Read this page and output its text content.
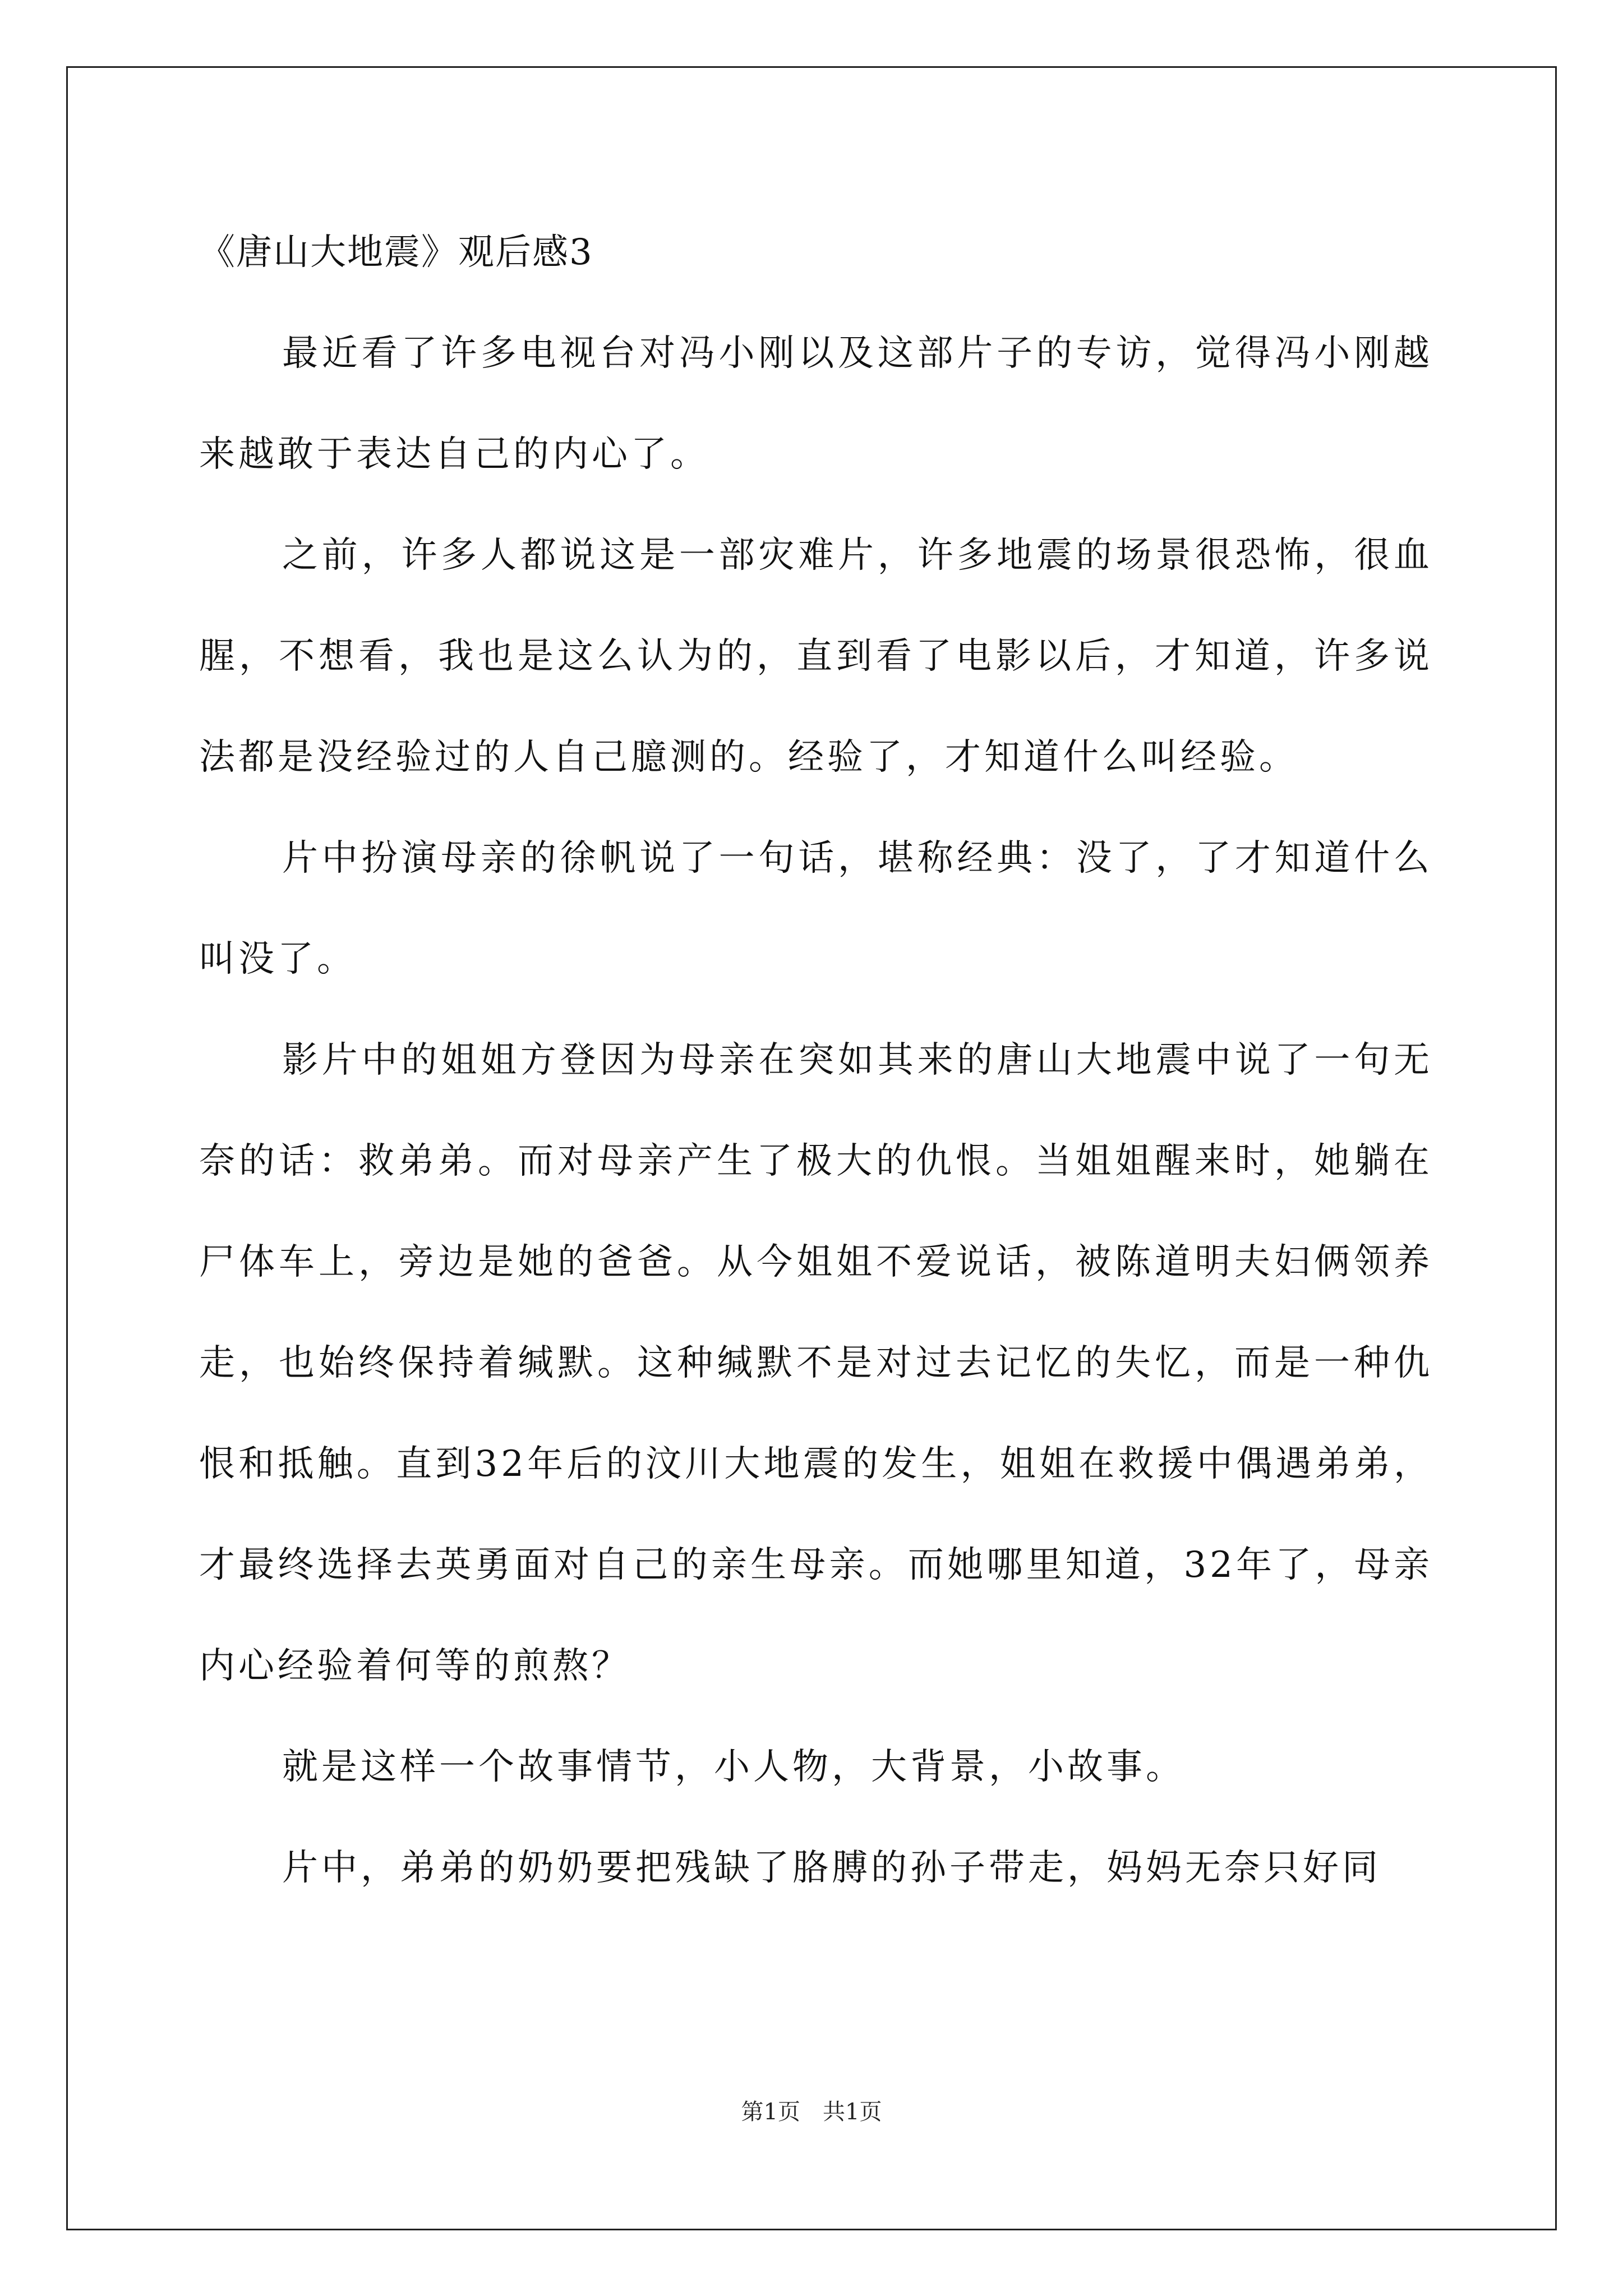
《唐山大地震》观后感3

最近看了许多电视台对冯小刚以及这部片子的专访，觉得冯小刚越来越敢于表达自己的内心了。

之前，许多人都说这是一部灾难片，许多地震的场景很恐怖，很血腥，不想看，我也是这么认为的，直到看了电影以后，才知道，许多说法都是没经验过的人自己臆测的。经验了，才知道什么叫经验。

片中扮演母亲的徐帆说了一句话，堪称经典：没了，了才知道什么叫没了。

影片中的姐姐方登因为母亲在突如其来的唐山大地震中说了一句无奈的话：救弟弟。而对母亲产生了极大的仇恨。当姐姐醒来时，她躺在尸体车上，旁边是她的爸爸。从今姐姐不爱说话，被陈道明夫妇俩领养走，也始终保持着缄默。这种缄默不是对过去记忆的失忆，而是一种仇恨和抵触。直到32年后的汶川大地震的发生，姐姐在救援中偶遇弟弟，才最终选择去英勇面对自己的亲生母亲。而她哪里知道，32年了，母亲内心经验着何等的煎熬？

就是这样一个故事情节，小人物，大背景，小故事。

片中，弟弟的奶奶要把残缺了胳膊的孙子带走，妈妈无奈只好同

第1页　共1页
